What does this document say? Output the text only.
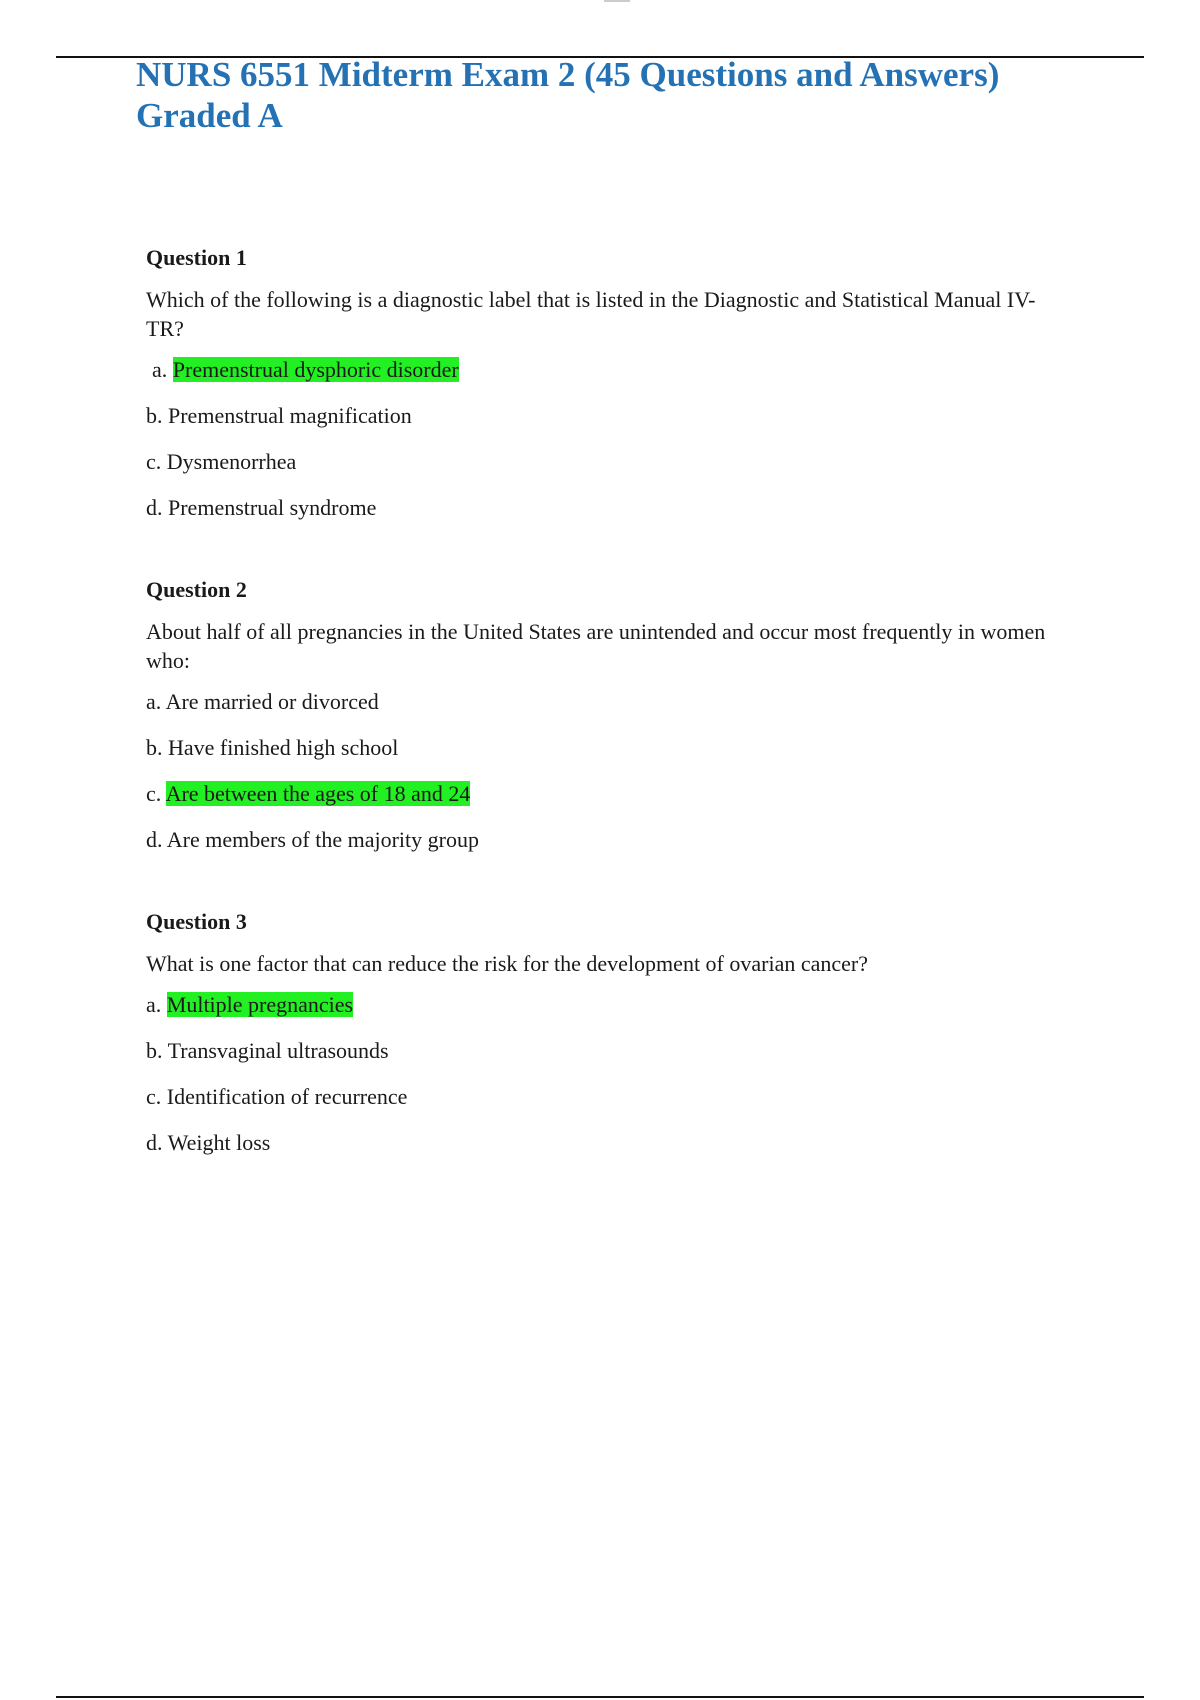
NURS 6551 Midterm Exam 2 (45 Questions and Answers) Graded A
Question 1
Which of the following is a diagnostic label that is listed in the Diagnostic and Statistical Manual IV-TR?
a. Premenstrual dysphoric disorder
b. Premenstrual magnification
c. Dysmenorrhea
d. Premenstrual syndrome
Question 2
About half of all pregnancies in the United States are unintended and occur most frequently in women who:
a. Are married or divorced
b. Have finished high school
c. Are between the ages of 18 and 24
d. Are members of the majority group
Question 3
What is one factor that can reduce the risk for the development of ovarian cancer?
a. Multiple pregnancies
b. Transvaginal ultrasounds
c. Identification of recurrence
d. Weight loss
